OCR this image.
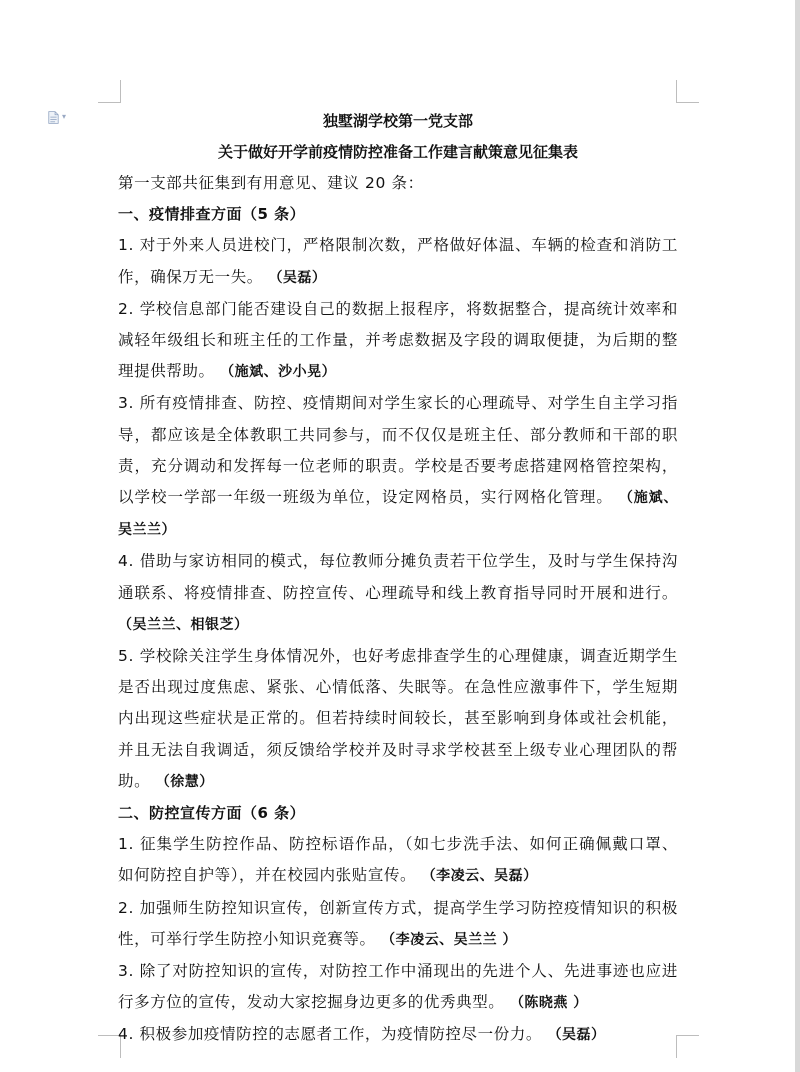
▾	独墅湖学校第一党支部

关于做好开学前疫情防控准备工作建言献策意见征集表

第一支部共征集到有用意见、建议 20 条：

一、疫情排查方面（5 条）

1. 对于外来人员进校门，严格限制次数，严格做好体温、车辆的检查和消防工作，确保万无一失。 （吴磊）

2. 学校信息部门能否建设自己的数据上报程序，将数据整合，提高统计效率和减轻年级组长和班主任的工作量，并考虑数据及字段的调取便捷，为后期的整理提供帮助。 （施斌、沙小晃）

3. 所有疫情排查、防控、疫情期间对学生家长的心理疏导、对学生自主学习指导，都应该是全体教职工共同参与，而不仅仅是班主任、部分教师和干部的职责，充分调动和发挥每一位老师的职责。学校是否要考虑搭建网格管控架构，以学校一学部一年级一班级为单位，设定网格员，实行网格化管理。 （施斌、吴兰兰）

4. 借助与家访相同的模式，每位教师分摊负责若干位学生，及时与学生保持沟通联系、将疫情排查、防控宣传、心理疏导和线上教育指导同时开展和进行。 （吴兰兰、相银芝）

5. 学校除关注学生身体情况外，也好考虑排查学生的心理健康，调查近期学生是否出现过度焦虑、紧张、心情低落、失眠等。在急性应激事件下，学生短期内出现这些症状是正常的。但若持续时间较长，甚至影响到身体或社会机能，并且无法自我调适，须反馈给学校并及时寻求学校甚至上级专业心理团队的帮助。 （徐慧）

二、防控宣传方面（6 条）

1. 征集学生防控作品、防控标语作品，（如七步洗手法、如何正确佩戴口罩、如何防控自护等），并在校园内张贴宣传。 （李凌云、吴磊）

2. 加强师生防控知识宣传，创新宣传方式，提高学生学习防控疫情知识的积极性，可举行学生防控小知识竞赛等。 （李凌云、吴兰兰 ）

3. 除了对防控知识的宣传，对防控工作中涌现出的先进个人、先进事迹也应进行多方位的宣传，发动大家挖掘身边更多的优秀典型。 （陈晓燕 ）

4. 积极参加疫情防控的志愿者工作，为疫情防控尽一份力。 （吴磊）
